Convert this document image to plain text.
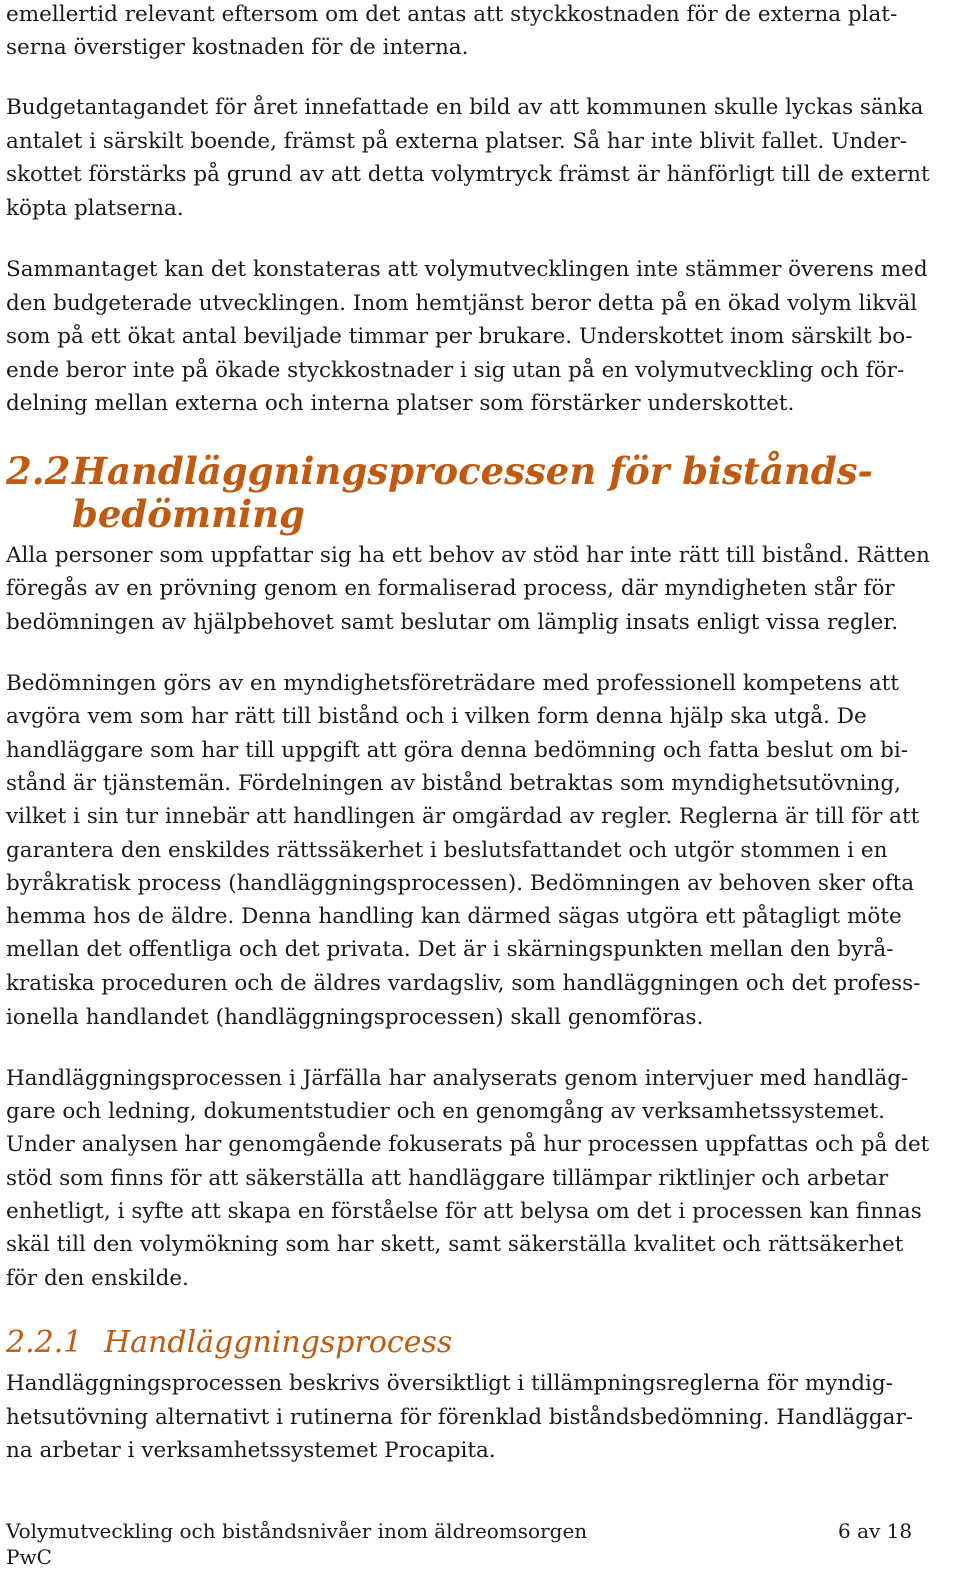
emellertid relevant eftersom om det antas att styckkostnaden för de externa plat-
serna överstiger kostnaden för de interna.
Budgetantagandet för året innefattade en bild av att kommunen skulle lyckas sänka
antalet i särskilt boende, främst på externa platser. Så har inte blivit fallet. Under-
skottet förstärks på grund av att detta volymtryck främst är hänförligt till de externt
köpta platserna.
Sammantaget kan det konstateras att volymutvecklingen inte stämmer överens med
den budgeterade utvecklingen. Inom hemtjänst beror detta på en ökad volym likväl
som på ett ökat antal beviljade timmar per brukare. Underskottet inom särskilt bo-
ende beror inte på ökade styckkostnader i sig utan på en volymutveckling och för-
delning mellan externa och interna platser som förstärker underskottet.
2.2Handläggningsprocessen för bistånds-
bedömning
Alla personer som uppfattar sig ha ett behov av stöd har inte rätt till bistånd. Rätten
föregås av en prövning genom en formaliserad process, där myndigheten står för
bedömningen av hjälpbehovet samt beslutar om lämplig insats enligt vissa regler.
Bedömningen görs av en myndighetsföreträdare med professionell kompetens att
avgöra vem som har rätt till bistånd och i vilken form denna hjälp ska utgå. De
handläggare som har till uppgift att göra denna bedömning och fatta beslut om bi-
stånd är tjänstemän. Fördelningen av bistånd betraktas som myndighetsutövning,
vilket i sin tur innebär att handlingen är omgärdad av regler. Reglerna är till för att
garantera den enskildes rättssäkerhet i beslutsfattandet och utgör stommen i en
byråkratisk process (handläggningsprocessen). Bedömningen av behoven sker ofta
hemma hos de äldre. Denna handling kan därmed sägas utgöra ett påtagligt möte
mellan det offentliga och det privata. Det är i skärningspunkten mellan den byrå-
kratiska proceduren och de äldres vardagsliv, som handläggningen och det profess-
ionella handlandet (handläggningsprocessen) skall genomföras.
Handläggningsprocessen i Järfälla har analyserats genom intervjuer med handläg-
gare och ledning, dokumentstudier och en genomgång av verksamhetssystemet.
Under analysen har genomgående fokuserats på hur processen uppfattas och på det
stöd som finns för att säkerställa att handläggare tillämpar riktlinjer och arbetar
enhetligt, i syfte att skapa en förståelse för att belysa om det i processen kan finnas
skäl till den volymökning som har skett, samt säkerställa kvalitet och rättsäkerhet
för den enskilde.
2.2.1 Handläggningsprocess
Handläggningsprocessen beskrivs översiktligt i tillämpningsreglerna för myndig-
hetsutövning alternativt i rutinerna för förenklad biståndsbedömning. Handläggar-
na arbetar i verksamhetssystemet Procapita.
Volymutveckling och biståndsnivåer inom äldreomsorgen
PwC
6 av 18
